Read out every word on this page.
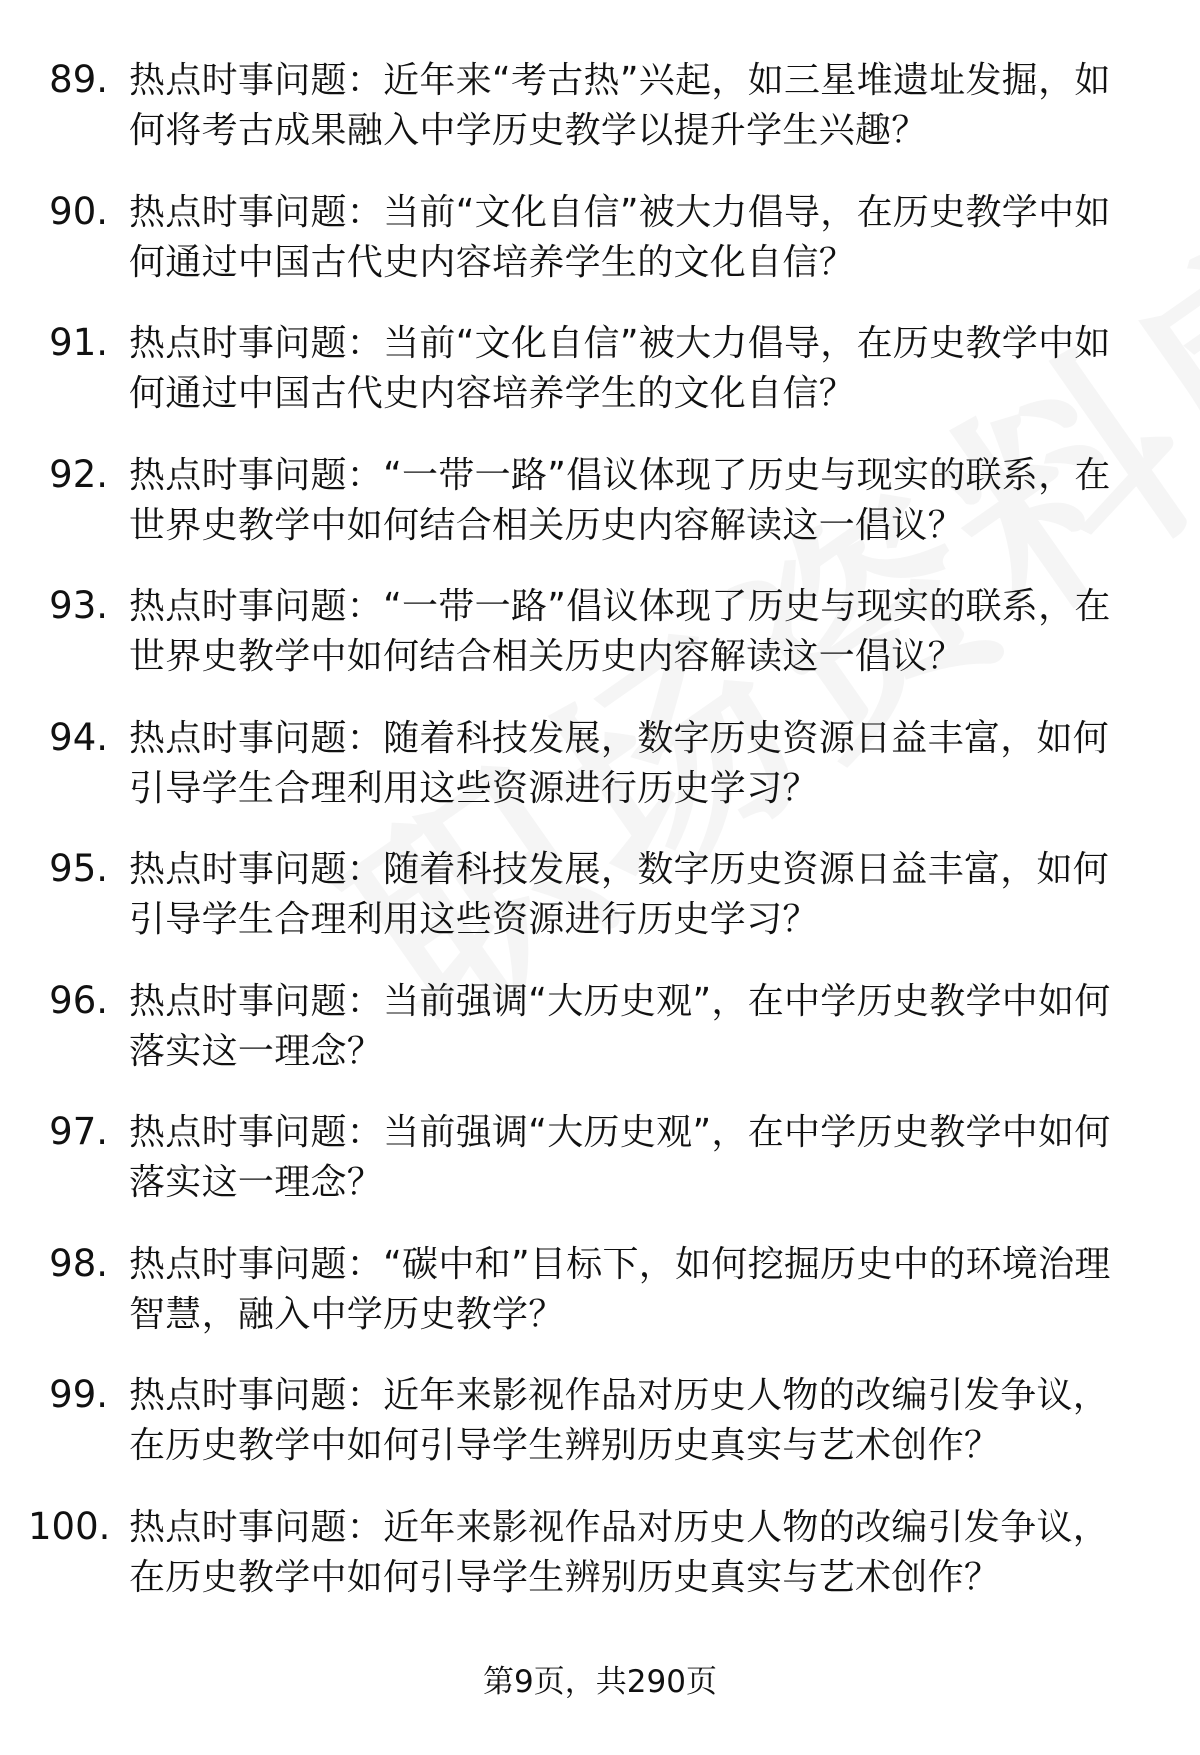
89. 热点时事问题：近年来“考古热”兴起，如三星堆遗址发掘，如何将考古成果融入中学历史教学以提升学生兴趣？
90. 热点时事问题：当前“文化自信”被大力倡导，在历史教学中如何通过中国古代史内容培养学生的文化自信？
91. 热点时事问题：当前“文化自信”被大力倡导，在历史教学中如何通过中国古代史内容培养学生的文化自信？
92. 热点时事问题：“一带一路”倡议体现了历史与现实的联系，在世界史教学中如何结合相关历史内容解读这一倡议？
93. 热点时事问题：“一带一路”倡议体现了历史与现实的联系，在世界史教学中如何结合相关历史内容解读这一倡议？
94. 热点时事问题：随着科技发展，数字历史资源日益丰富，如何引导学生合理利用这些资源进行历史学习？
95. 热点时事问题：随着科技发展，数字历史资源日益丰富，如何引导学生合理利用这些资源进行历史学习？
96. 热点时事问题：当前强调“大历史观”，在中学历史教学中如何落实这一理念？
97. 热点时事问题：当前强调“大历史观”，在中学历史教学中如何落实这一理念？
98. 热点时事问题：“碳中和”目标下，如何挖掘历史中的环境治理智慧，融入中学历史教学？
99. 热点时事问题：近年来影视作品对历史人物的改编引发争议，在历史教学中如何引导学生辨别历史真实与艺术创作？
100. 热点时事问题：近年来影视作品对历史人物的改编引发争议，在历史教学中如何引导学生辨别历史真实与艺术创作？
第9页，共290页
